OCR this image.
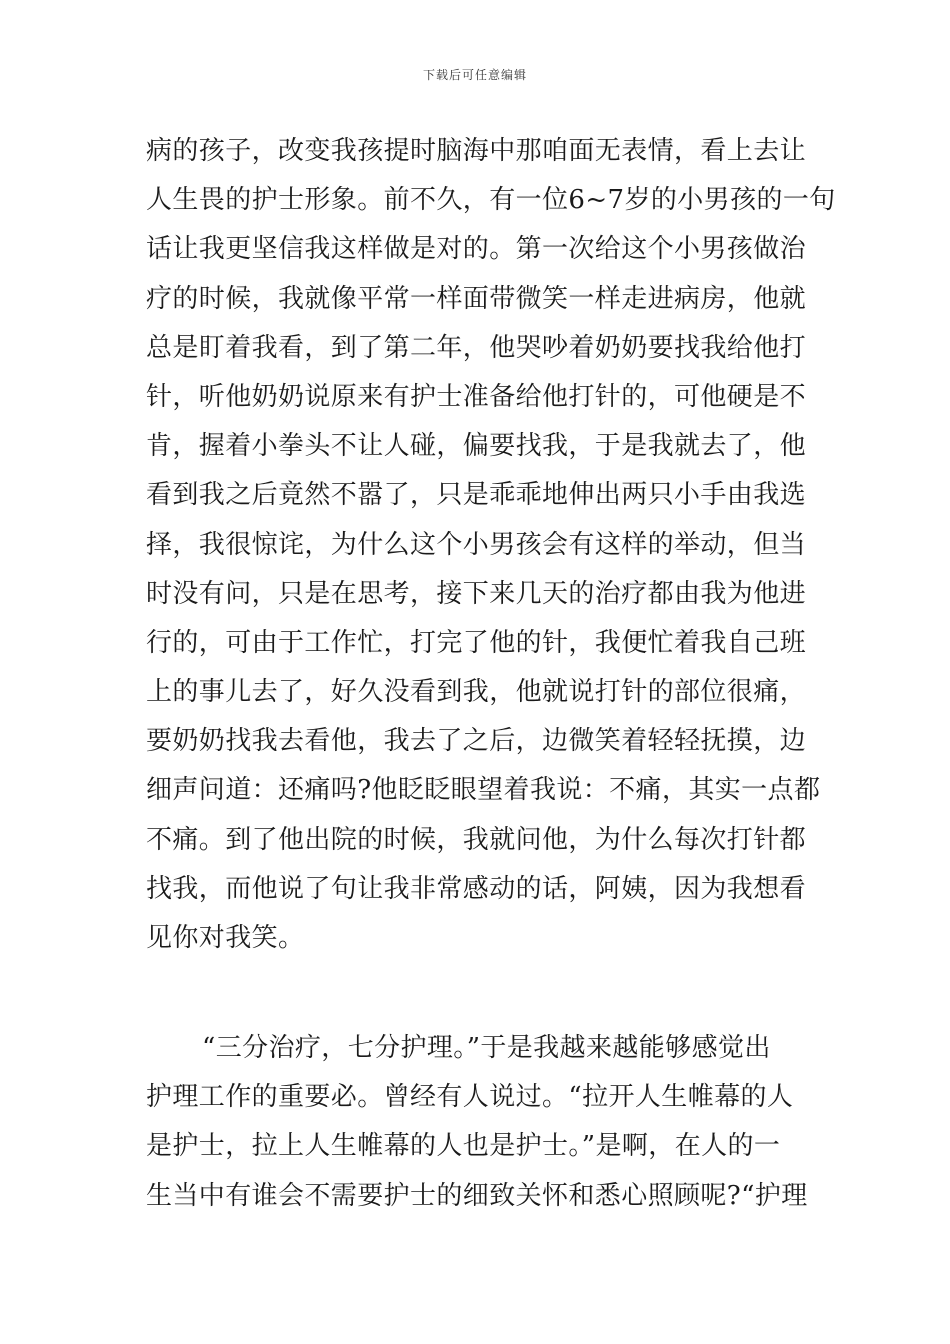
下载后可任意编辑
病的孩子，改变我孩提时脑海中那咱面无表情，看上去让
人生畏的护士形象。前不久，有一位6~7岁的小男孩的一句
话让我更坚信我这样做是对的。第一次给这个小男孩做治
疗的时候，我就像平常一样面带微笑一样走进病房，他就
总是盯着我看，到了第二年，他哭吵着奶奶要找我给他打
针，听他奶奶说原来有护士准备给他打针的，可他硬是不
肯，握着小拳头不让人碰，偏要找我，于是我就去了，他
看到我之后竟然不嚣了，只是乖乖地伸出两只小手由我选
择，我很惊诧，为什么这个小男孩会有这样的举动，但当
时没有问，只是在思考，接下来几天的治疗都由我为他进
行的，可由于工作忙，打完了他的针，我便忙着我自己班
上的事儿去了，好久没看到我，他就说打针的部位很痛，
要奶奶找我去看他，我去了之后，边微笑着轻轻抚摸，边
细声问道：还痛吗?他眨眨眼望着我说：不痛，其实一点都
不痛。到了他出院的时候，我就问他，为什么每次打针都
找我，而他说了句让我非常感动的话，阿姨，因为我想看
见你对我笑。
“三分治疗，七分护理。”于是我越来越能够感觉出
护理工作的重要必。曾经有人说过。“拉开人生帷幕的人
是护士，拉上人生帷幕的人也是护士。”是啊，在人的一
生当中有谁会不需要护士的细致关怀和悉心照顾呢?“护理
